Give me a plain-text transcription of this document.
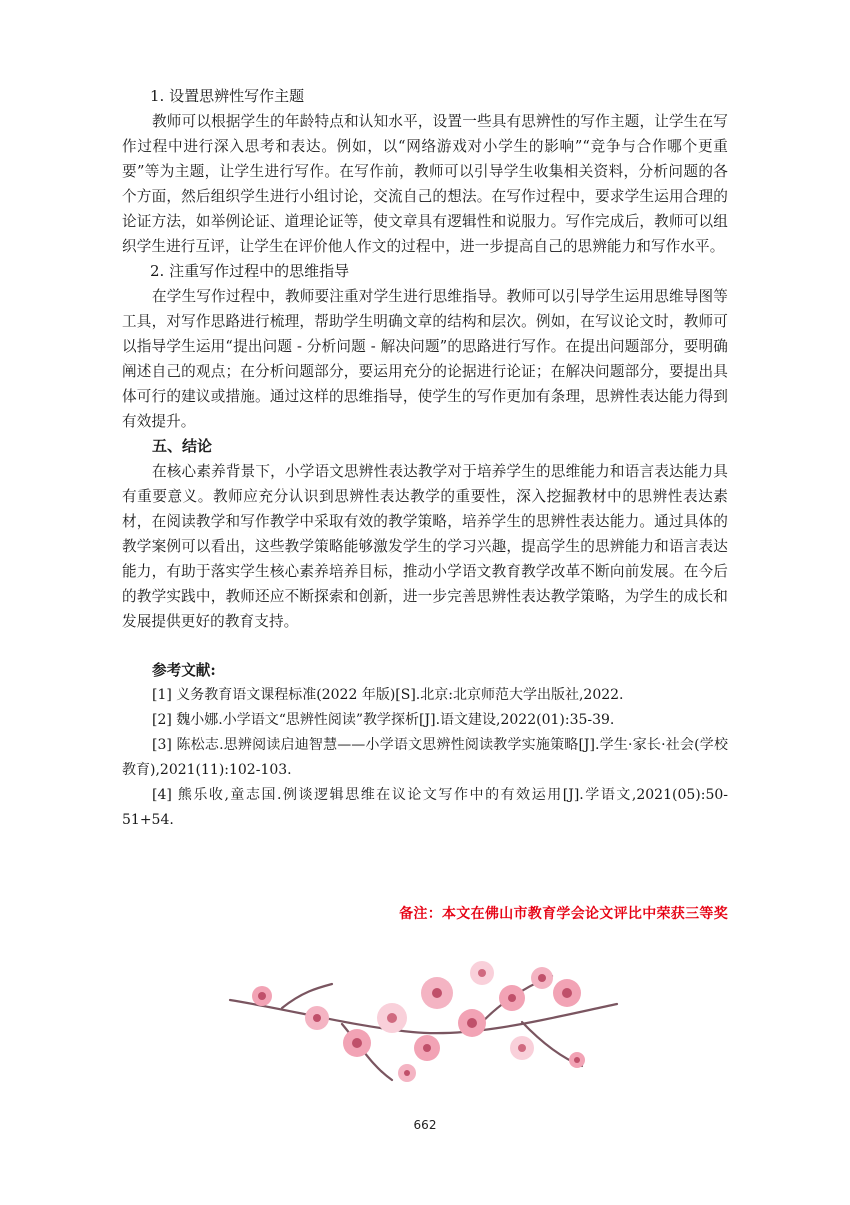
1. 设置思辨性写作主题

教师可以根据学生的年龄特点和认知水平，设置一些具有思辨性的写作主题，让学生在写作过程中进行深入思考和表达。例如，以“网络游戏对小学生的影响”“竞争与合作哪个更重要”等为主题，让学生进行写作。在写作前，教师可以引导学生收集相关资料，分析问题的各个方面，然后组织学生进行小组讨论，交流自己的想法。在写作过程中，要求学生运用合理的论证方法，如举例论证、道理论证等，使文章具有逻辑性和说服力。写作完成后，教师可以组织学生进行互评，让学生在评价他人作文的过程中，进一步提高自己的思辨能力和写作水平。

2. 注重写作过程中的思维指导

在学生写作过程中，教师要注重对学生进行思维指导。教师可以引导学生运用思维导图等工具，对写作思路进行梳理，帮助学生明确文章的结构和层次。例如，在写议论文时，教师可以指导学生运用“提出问题 - 分析问题 - 解决问题”的思路进行写作。在提出问题部分，要明确阐述自己的观点；在分析问题部分，要运用充分的论据进行论证；在解决问题部分，要提出具体可行的建议或措施。通过这样的思维指导，使学生的写作更加有条理，思辨性表达能力得到有效提升。

五、结论

在核心素养背景下，小学语文思辨性表达教学对于培养学生的思维能力和语言表达能力具有重要意义。教师应充分认识到思辨性表达教学的重要性，深入挖掘教材中的思辨性表达素材，在阅读教学和写作教学中采取有效的教学策略，培养学生的思辨性表达能力。通过具体的教学案例可以看出，这些教学策略能够激发学生的学习兴趣，提高学生的思辨能力和语言表达能力，有助于落实学生核心素养培养目标，推动小学语文教育教学改革不断向前发展。在今后的教学实践中，教师还应不断探索和创新，进一步完善思辨性表达教学策略，为学生的成长和发展提供更好的教育支持。

参考文献:

[1] 义务教育语文课程标准(2022 年版)[S].北京:北京师范大学出版社,2022.

[2] 魏小娜.小学语文“思辨性阅读”教学探析[J].语文建设,2022(01):35-39.

[3] 陈松志.思辨阅读启迪智慧——小学语文思辨性阅读教学实施策略[J].学生·家长·社会(学校教育),2021(11):102-103.

[4] 熊乐收,童志国.例谈逻辑思维在议论文写作中的有效运用[J].学语文,2021(05):50-51+54.

备注：本文在佛山市教育学会论文评比中荣获三等奖
662
